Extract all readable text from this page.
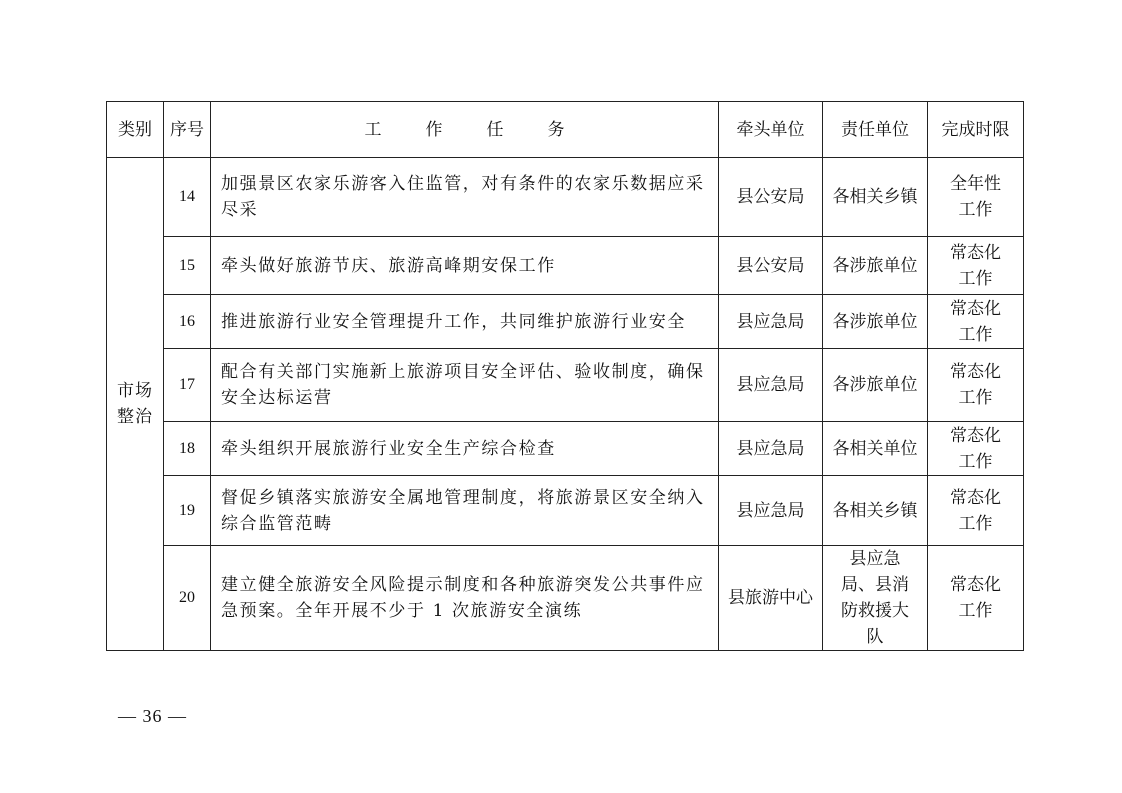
类别	序号	工 作 任 务	牵头单位	责任单位	完成时限

市场整治	14	加强景区农家乐游客入住监管，对有条件的农家乐数据应采尽采	县公安局	各相关乡镇	全年性工作

	15	牵头做好旅游节庆、旅游高峰期安保工作	县公安局	各涉旅单位	常态化工作

	16	推进旅游行业安全管理提升工作，共同维护旅游行业安全	县应急局	各涉旅单位	常态化工作

	17	配合有关部门实施新上旅游项目安全评估、验收制度，确保安全达标运营	县应急局	各涉旅单位	常态化工作

	18	牵头组织开展旅游行业安全生产综合检查	县应急局	各相关单位	常态化工作

	19	督促乡镇落实旅游安全属地管理制度，将旅游景区安全纳入综合监管范畴	县应急局	各相关乡镇	常态化工作

	20	建立健全旅游安全风险提示制度和各种旅游突发公共事件应急预案。全年开展不少于 1 次旅游安全演练	县旅游中心	县应急局、县消防救援大队	常态化工作
— 36 —
